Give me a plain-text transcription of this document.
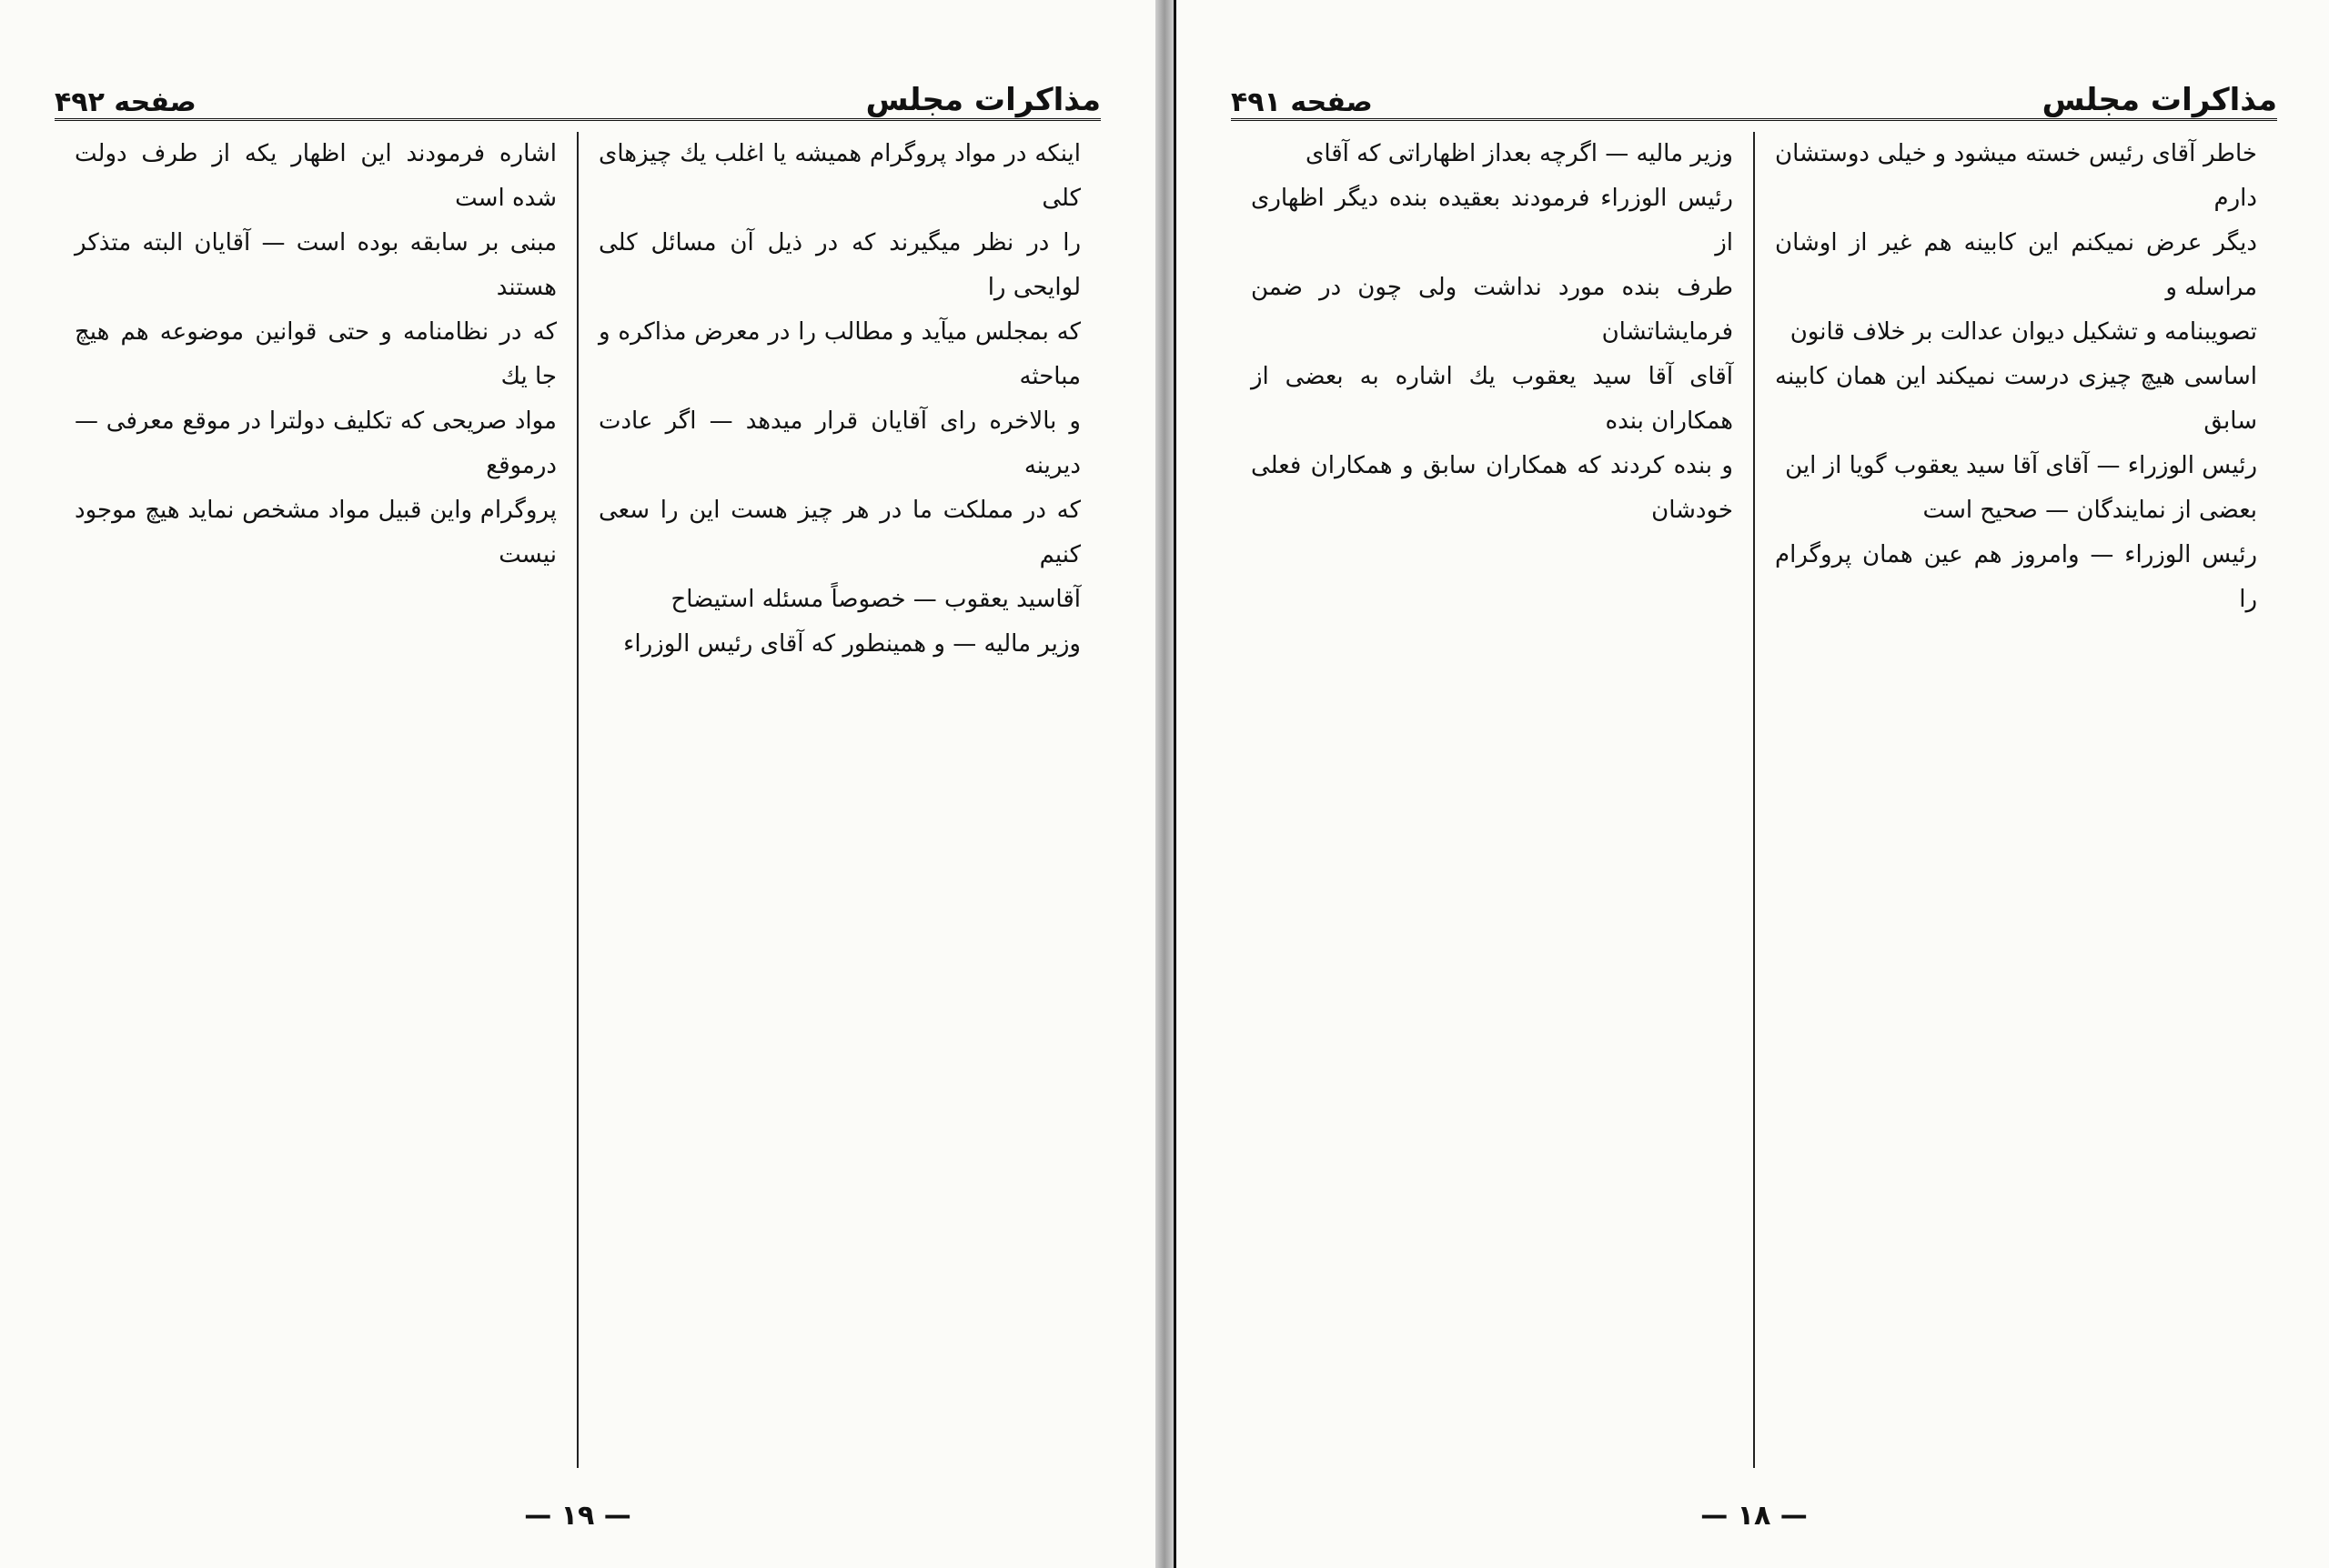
مذاکرات مجلس
صفحه ۴۹۲

اینکه در مواد پروگرام همیشه یا اغلب یك چیزهای کلی

را در نظر میگیرند که در ذیل آن مسائل کلی لوایحی را

که بمجلس میآید و مطالب را در معرض مذاکره و مباحثه

و بالاخره رای آقایان قرار میدهد — اگر عادت دیرینه

که در مملکت ما در هر چیز هست این را سعی کنیم

آقاسید یعقوب — خصوصاً مسئله استیضاح

وزیر مالیه — و همینطور که آقای رئیس الوزراء

اشاره فرمودند این اظهار یکه از طرف دولت شده است

مبنی بر سابقه بوده است — آقایان البته متذکر هستند

که در نظامنامه و حتی قوانین موضوعه هم هیچ جا یك

مواد صریحی که تکلیف دولترا در موقع معرفی — درموقع

پروگرام واین قبیل مواد مشخص نماید هیچ موجود نیست

— ۱۹ —
مذاکرات مجلس
صفحه ۴۹۱

خاطر آقای رئیس خسته میشود و خیلی دوستشان دارم

دیگر عرض نمیکنم این کابینه هم غیر از اوشان مراسله و

تصویبنامه و تشکیل دیوان عدالت بر خلاف قانون

اساسی هیچ چیزی درست نمیکند این همان کابینه سابق

رئیس الوزراء — آقای آقا سید یعقوب گویا از این

بعضی از نمایندگان — صحیح است

رئیس الوزراء — وامروز هم عین همان پروگرام را

وزیر مالیه — اگرچه بعداز اظهاراتی که آقای

رئیس الوزراء فرمودند بعقیده بنده دیگر اظهاری از

طرف بنده مورد نداشت ولی چون در ضمن فرمایشاتشان

آقای آقا سید یعقوب یك اشاره به بعضی از همکاران بنده

و بنده کردند که همکاران سابق و همکاران فعلی خودشان

— ۱۸ —
